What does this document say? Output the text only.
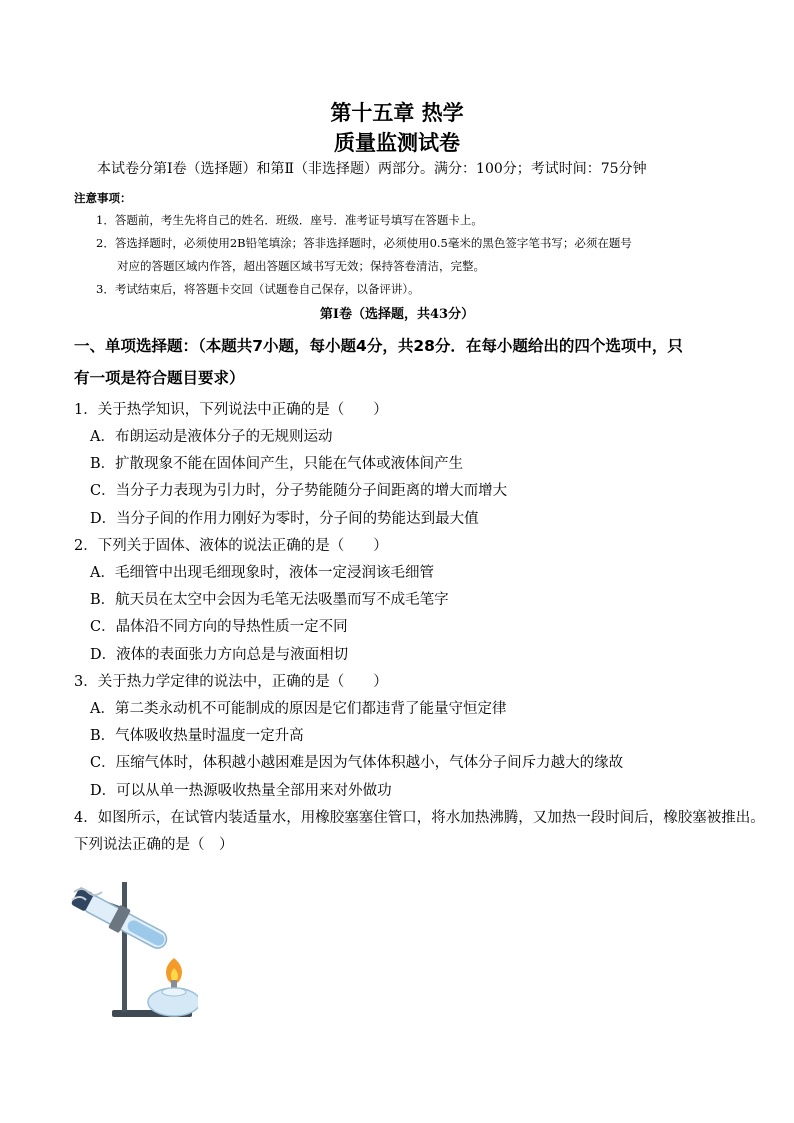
第十五章 热学
质量监测试卷
本试卷分第Ⅰ卷（选择题）和第Ⅱ（非选择题）两部分。满分：100分；考试时间：75分钟
注意事项：
1．答题前，考生先将自己的姓名．班级．座号．准考证号填写在答题卡上。
2．答选择题时，必须使用2B铅笔填涂；答非选择题时，必须使用0.5毫米的黑色签字笔书写；必须在题号
对应的答题区域内作答，超出答题区域书写无效；保持答卷清洁，完整。
3．考试结束后，将答题卡交回（试题卷自己保存，以备评讲）。
第Ⅰ卷（选择题，共43分）
一、单项选择题：（本题共7小题，每小题4分，共28分．在每小题给出的四个选项中，只
有一项是符合题目要求）
1．关于热学知识，下列说法中正确的是（　　）
A．布朗运动是液体分子的无规则运动
B．扩散现象不能在固体间产生，只能在气体或液体间产生
C．当分子力表现为引力时，分子势能随分子间距离的增大而增大
D．当分子间的作用力刚好为零时，分子间的势能达到最大值
2．下列关于固体、液体的说法正确的是（　　）
A．毛细管中出现毛细现象时，液体一定浸润该毛细管
B．航天员在太空中会因为毛笔无法吸墨而写不成毛笔字
C．晶体沿不同方向的导热性质一定不同
D．液体的表面张力方向总是与液面相切
3．关于热力学定律的说法中，正确的是（　　）
A．第二类永动机不可能制成的原因是它们都违背了能量守恒定律
B．气体吸收热量时温度一定升高
C．压缩气体时，体积越小越困难是因为气体体积越小，气体分子间斥力越大的缘故
D．可以从单一热源吸收热量全部用来对外做功
4．如图所示，在试管内装适量水，用橡胶塞塞住管口，将水加热沸腾，又加热一段时间后，橡胶塞被推出。
下列说法正确的是（　）
